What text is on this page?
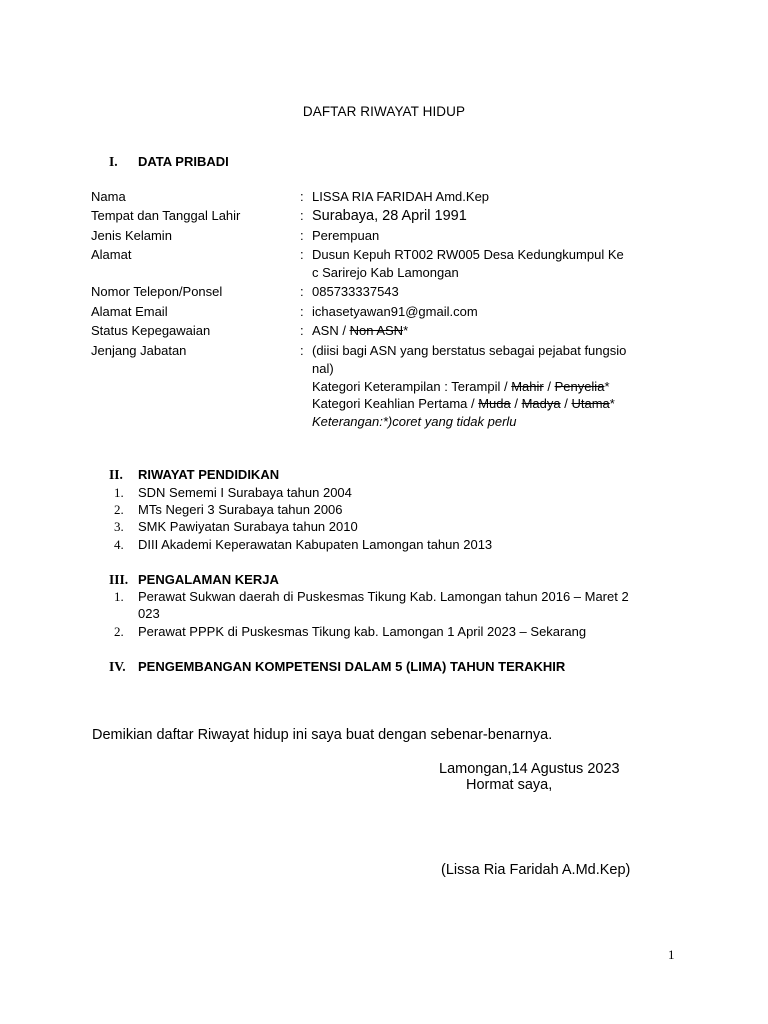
DAFTAR RIWAYAT HIDUP
I. DATA PRIBADI
Nama	: LISSA RIA FARIDAH Amd.Kep
Tempat dan Tanggal Lahir	: Surabaya, 28 April 1991
Jenis Kelamin	: Perempuan
Alamat	: Dusun Kepuh RT002 RW005 Desa Kedungkumpul Ke
c Sarirejo Kab Lamongan
Nomor Telepon/Ponsel	: 085733337543
Alamat Email	: ichasetyawan91@gmail.com
Status Kepegawaian	: ASN / Non ASN*
Jenjang Jabatan	: (diisi bagi ASN yang berstatus sebagai pejabat fungsio
nal)
Kategori Keterampilan : Terampil / Mahir / Penyelia*
Kategori Keahlian Pertama / Muda / Madya / Utama*
Keterangan:*)coret yang tidak perlu
II. RIWAYAT PENDIDIKAN
1. SDN Sememi I Surabaya tahun 2004
2. MTs Negeri 3 Surabaya tahun 2006
3. SMK Pawiyatan Surabaya tahun 2010
4. DIII Akademi Keperawatan Kabupaten Lamongan tahun 2013
III. PENGALAMAN KERJA
1. Perawat Sukwan daerah di Puskesmas Tikung Kab. Lamongan tahun 2016 – Maret 2
023
2. Perawat PPPK di Puskesmas Tikung kab. Lamongan 1 April 2023 – Sekarang
IV. PENGEMBANGAN KOMPETENSI DALAM 5 (LIMA) TAHUN TERAKHIR
Demikian daftar Riwayat hidup ini saya buat dengan sebenar-benarnya.
Lamongan,14 Agustus 2023
Hormat saya,
(Lissa Ria Faridah A.Md.Kep)
1
